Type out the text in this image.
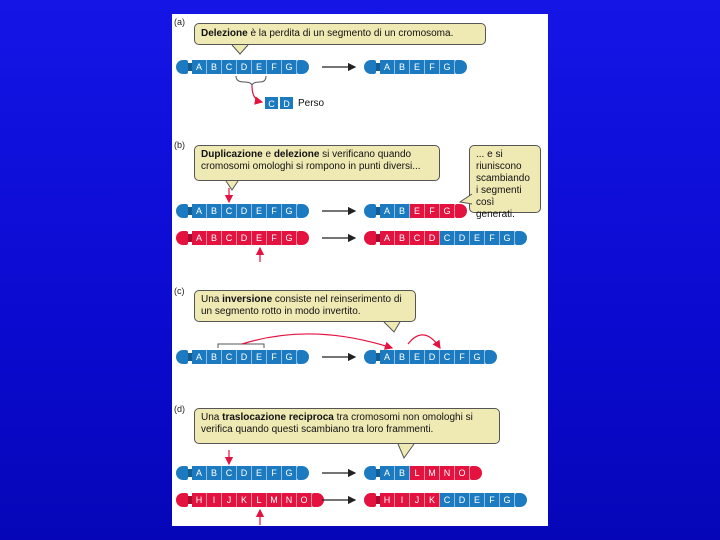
(a)
Delezione è la perdita di un segmento di un cromosoma.
A B C D E	F G	A B E	F G
C D Perso
(b)
Duplicazione e delezione si verificano quando cromosomi omologhi si rompono in punti diversi...
... e si riuniscono scambiando i segmenti così generati.
A B C D E	F G
A B C D E	F G
A B E	F G
A B C D C D E	F G
(c)
Una inversione consiste nel reinserimento di un segmento rotto in modo invertito.
A B C D E	F G	A B E D C	F G
(d)
Una traslocazione reciproca tra cromosomi non omologhi si verifica quando questi scambiano tra loro frammenti.
A B C D E	F G
H	I	J	K	L M N O
A B	L M N O
H	I	J	K C D E	F G
